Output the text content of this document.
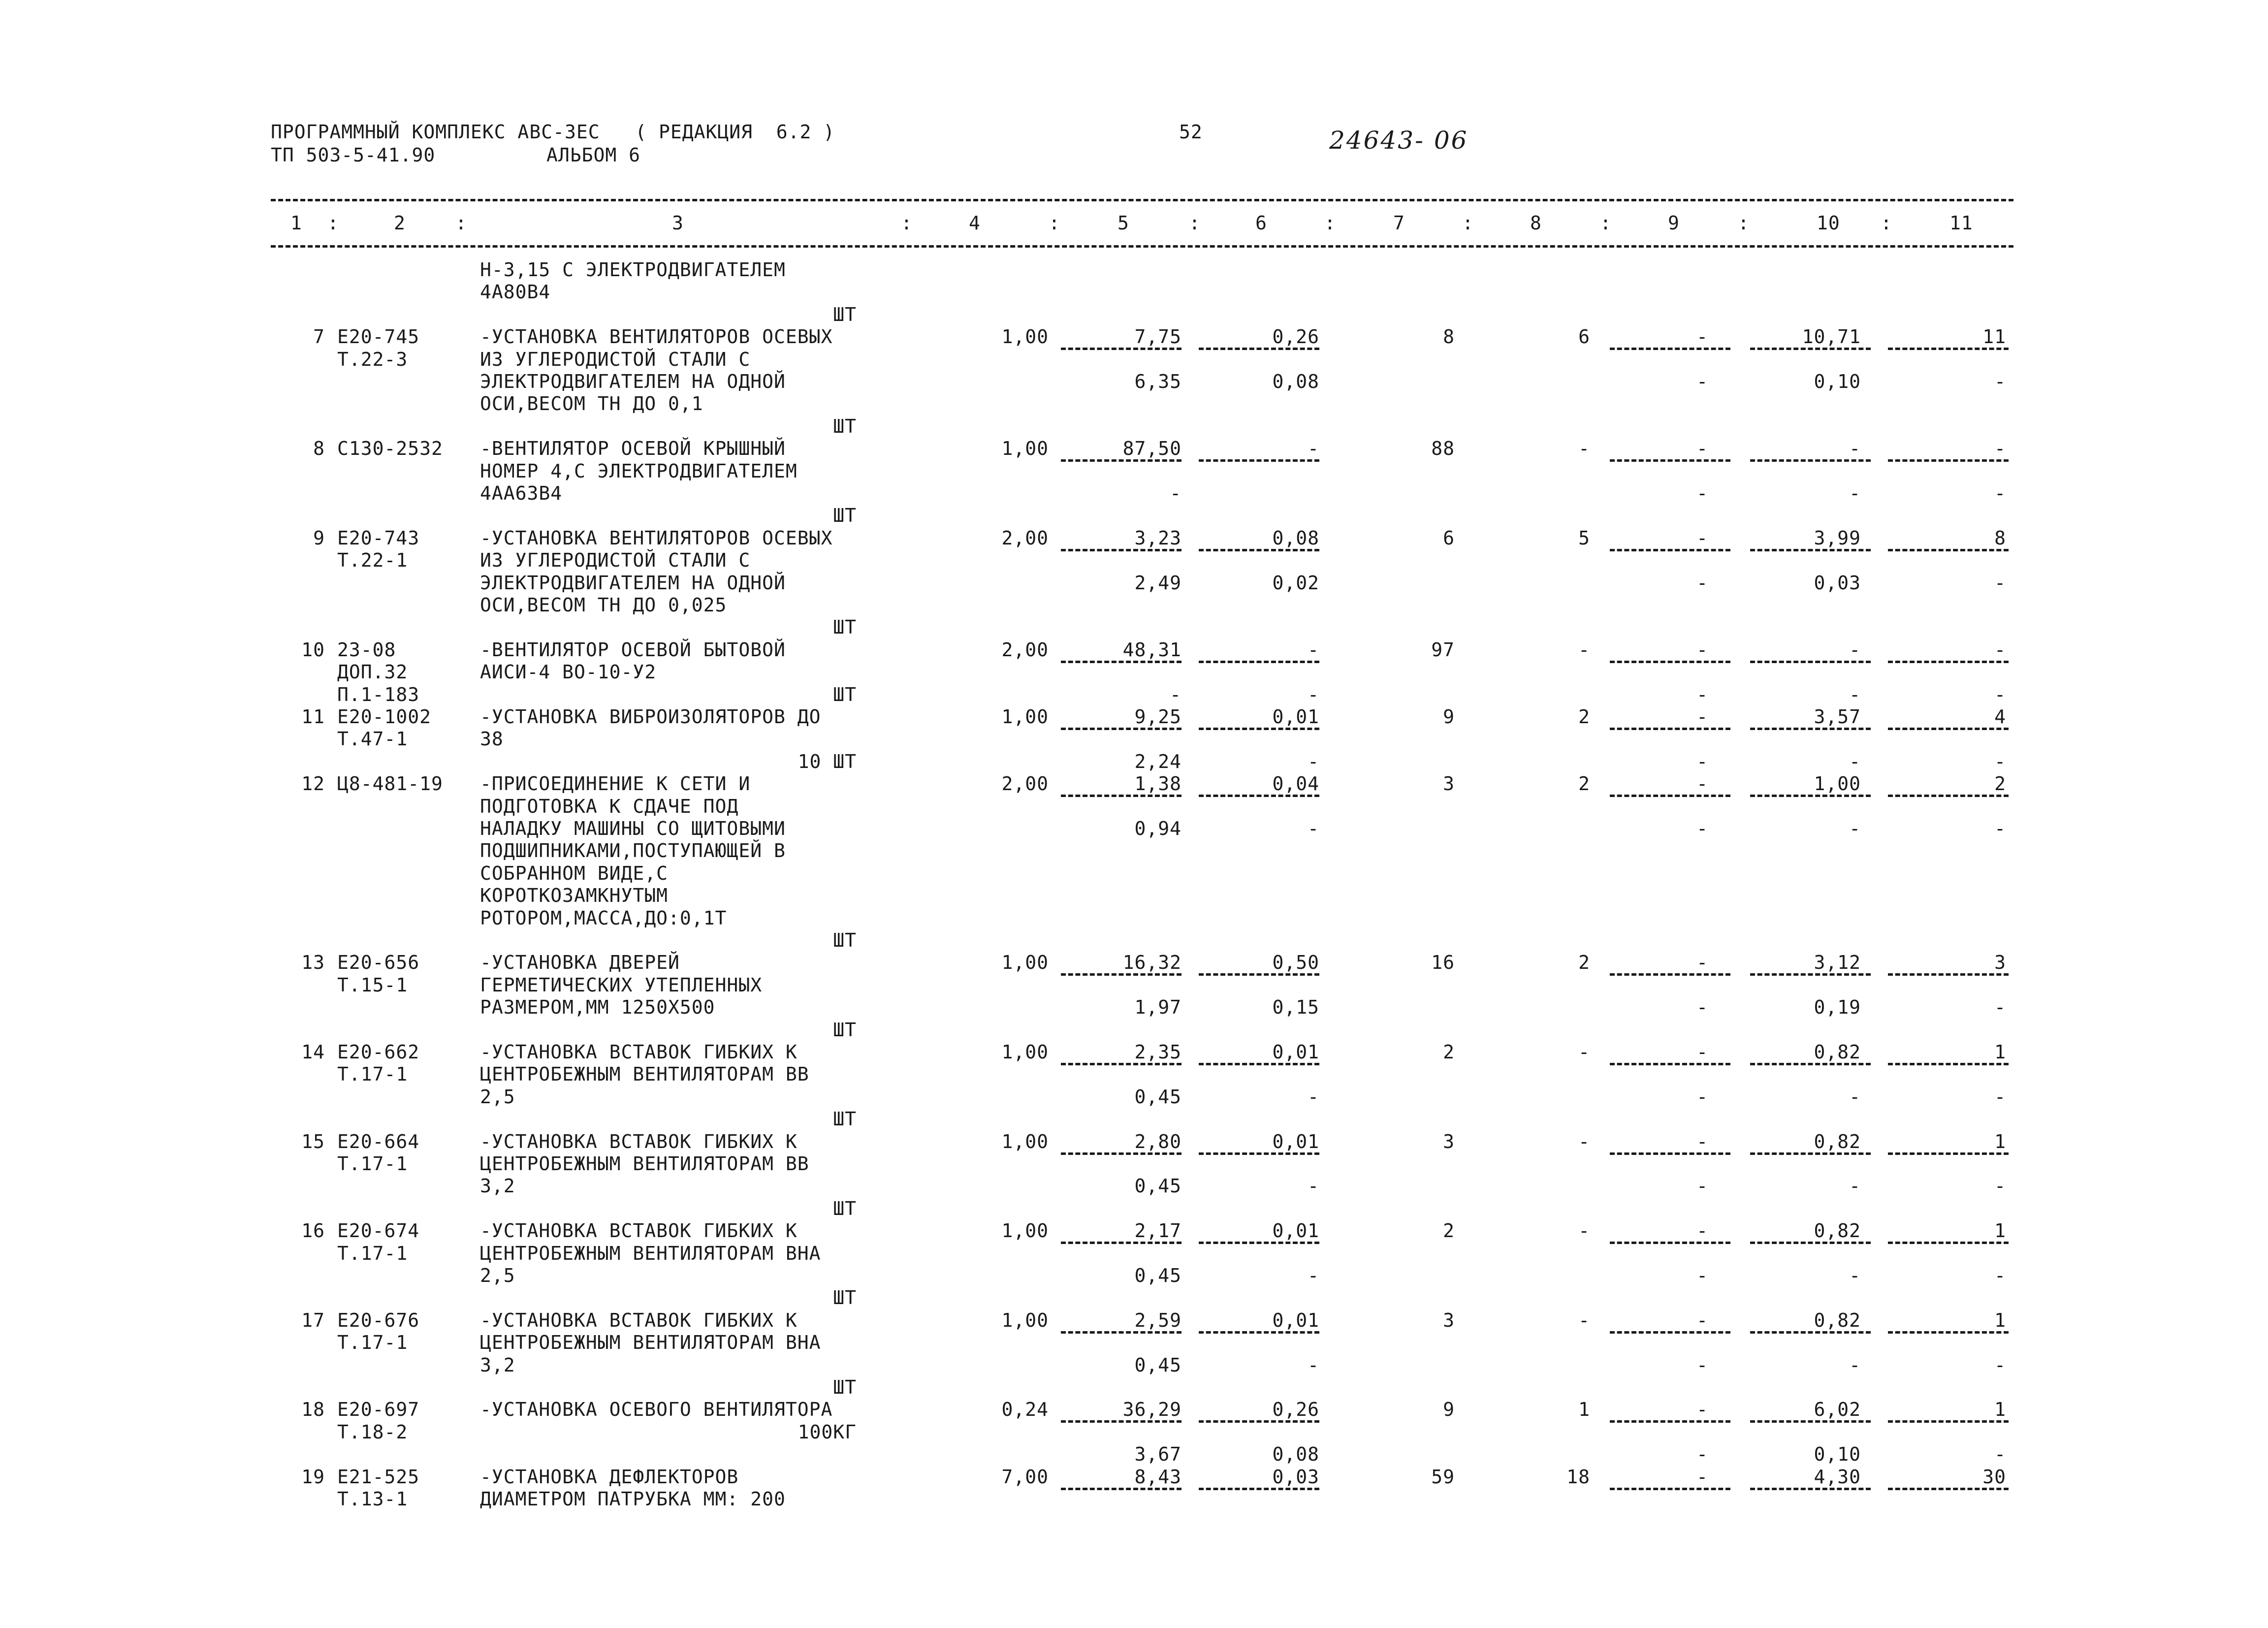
ПРОГРАММНЫЙ КОМПЛЕКС АВС-3ЕС   ( РЕДАКЦИЯ  6.2 )
ТП 503-5-41.90	АЛЬБОМ 6
52	24643- 06
1	2	3	4	5	6	7	8	9	10	11
:	:	:	:	:	:	:	:	:	:
Н-3,15 С ЭЛЕКТРОДВИГАТЕЛЕМ
4А80В4
ШТ
7 Е20-745	-УСТАНОВКА ВЕНТИЛЯТОРОВ ОСЕВЫХ	1,00	7,75	0,26	8	6	-	10,71	11
Т.22-3	ИЗ УГЛЕРОДИСТОЙ СТАЛИ С
ЭЛЕКТРОДВИГАТЕЛЕМ НА ОДНОЙ	6,35	0,08	-	0,10	-
ОСИ,ВЕСОМ ТН ДО 0,1
ШТ
8 С130-2532 -ВЕНТИЛЯТОР ОСЕВОЙ КРЫШНЫЙ	1,00	87,50	-	88	-	-	-	-
НОМЕР 4,С ЭЛЕКТРОДВИГАТЕЛЕМ
4АА63В4	-	-	-	-
ШТ
9 Е20-743	-УСТАНОВКА ВЕНТИЛЯТОРОВ ОСЕВЫХ	2,00	3,23	0,08	6	5	-	3,99	8
Т.22-1	ИЗ УГЛЕРОДИСТОЙ СТАЛИ С
ЭЛЕКТРОДВИГАТЕЛЕМ НА ОДНОЙ	2,49	0,02	-	0,03	-
ОСИ,ВЕСОМ ТН ДО 0,025
ШТ
10 23-08	-ВЕНТИЛЯТОР ОСЕВОЙ БЫТОВОЙ	2,00	48,31	-	97	-	-	-	-
ДОП.32	АИСИ-4 ВО-10-У2
П.1-183	ШТ	-	-	-	-	-
11 Е20-1002	-УСТАНОВКА ВИБРОИЗОЛЯТОРОВ ДО	1,00	9,25	0,01	9	2	-	3,57	4
Т.47-1	38
10 ШТ	2,24	-	-	-	-
12 Ц8-481-19 -ПРИСОЕДИНЕНИЕ К СЕТИ И	2,00	1,38	0,04	3	2	-	1,00	2
ПОДГОТОВКА К СДАЧЕ ПОД
НАЛАДКУ МАШИНЫ СО ЩИТОВЫМИ	0,94	-	-	-	-
ПОДШИПНИКАМИ,ПОСТУПАЮЩЕЙ В
СОБРАННОМ ВИДЕ,С
КОРОТКОЗАМКНУТЫМ
РОТОРОМ,МАССА,ДО:0,1Т
ШТ
13 Е20-656	-УСТАНОВКА ДВЕРЕЙ	1,00	16,32	0,50	16	2	-	3,12	3
Т.15-1	ГЕРМЕТИЧЕСКИХ УТЕПЛЕННЫХ
РАЗМЕРОМ,ММ 1250Х500	1,97	0,15	-	0,19	-
ШТ
14 Е20-662	-УСТАНОВКА ВСТАВОК ГИБКИХ К	1,00	2,35	0,01	2	-	-	0,82	1
Т.17-1	ЦЕНТРОБЕЖНЫМ ВЕНТИЛЯТОРАМ ВВ
2,5	0,45	-	-	-	-
ШТ
15 Е20-664	-УСТАНОВКА ВСТАВОК ГИБКИХ К	1,00	2,80	0,01	3	-	-	0,82	1
Т.17-1	ЦЕНТРОБЕЖНЫМ ВЕНТИЛЯТОРАМ ВВ
3,2	0,45	-	-	-	-
ШТ
16 Е20-674	-УСТАНОВКА ВСТАВОК ГИБКИХ К	1,00	2,17	0,01	2	-	-	0,82	1
Т.17-1	ЦЕНТРОБЕЖНЫМ ВЕНТИЛЯТОРАМ ВНА
2,5	0,45	-	-	-	-
ШТ
17 Е20-676	-УСТАНОВКА ВСТАВОК ГИБКИХ К	1,00	2,59	0,01	3	-	-	0,82	1
Т.17-1	ЦЕНТРОБЕЖНЫМ ВЕНТИЛЯТОРАМ ВНА
3,2	0,45	-	-	-	-
ШТ
18 Е20-697	-УСТАНОВКА ОСЕВОГО ВЕНТИЛЯТОРА	0,24	36,29	0,26	9	1	-	6,02	1
Т.18-2	100КГ
3,67	0,08	-	0,10	-
19 Е21-525	-УСТАНОВКА ДЕФЛЕКТОРОВ	7,00	8,43	0,03	59	18	-	4,30	30
Т.13-1	ДИАМЕТРОМ ПАТРУБКА ММ: 200
